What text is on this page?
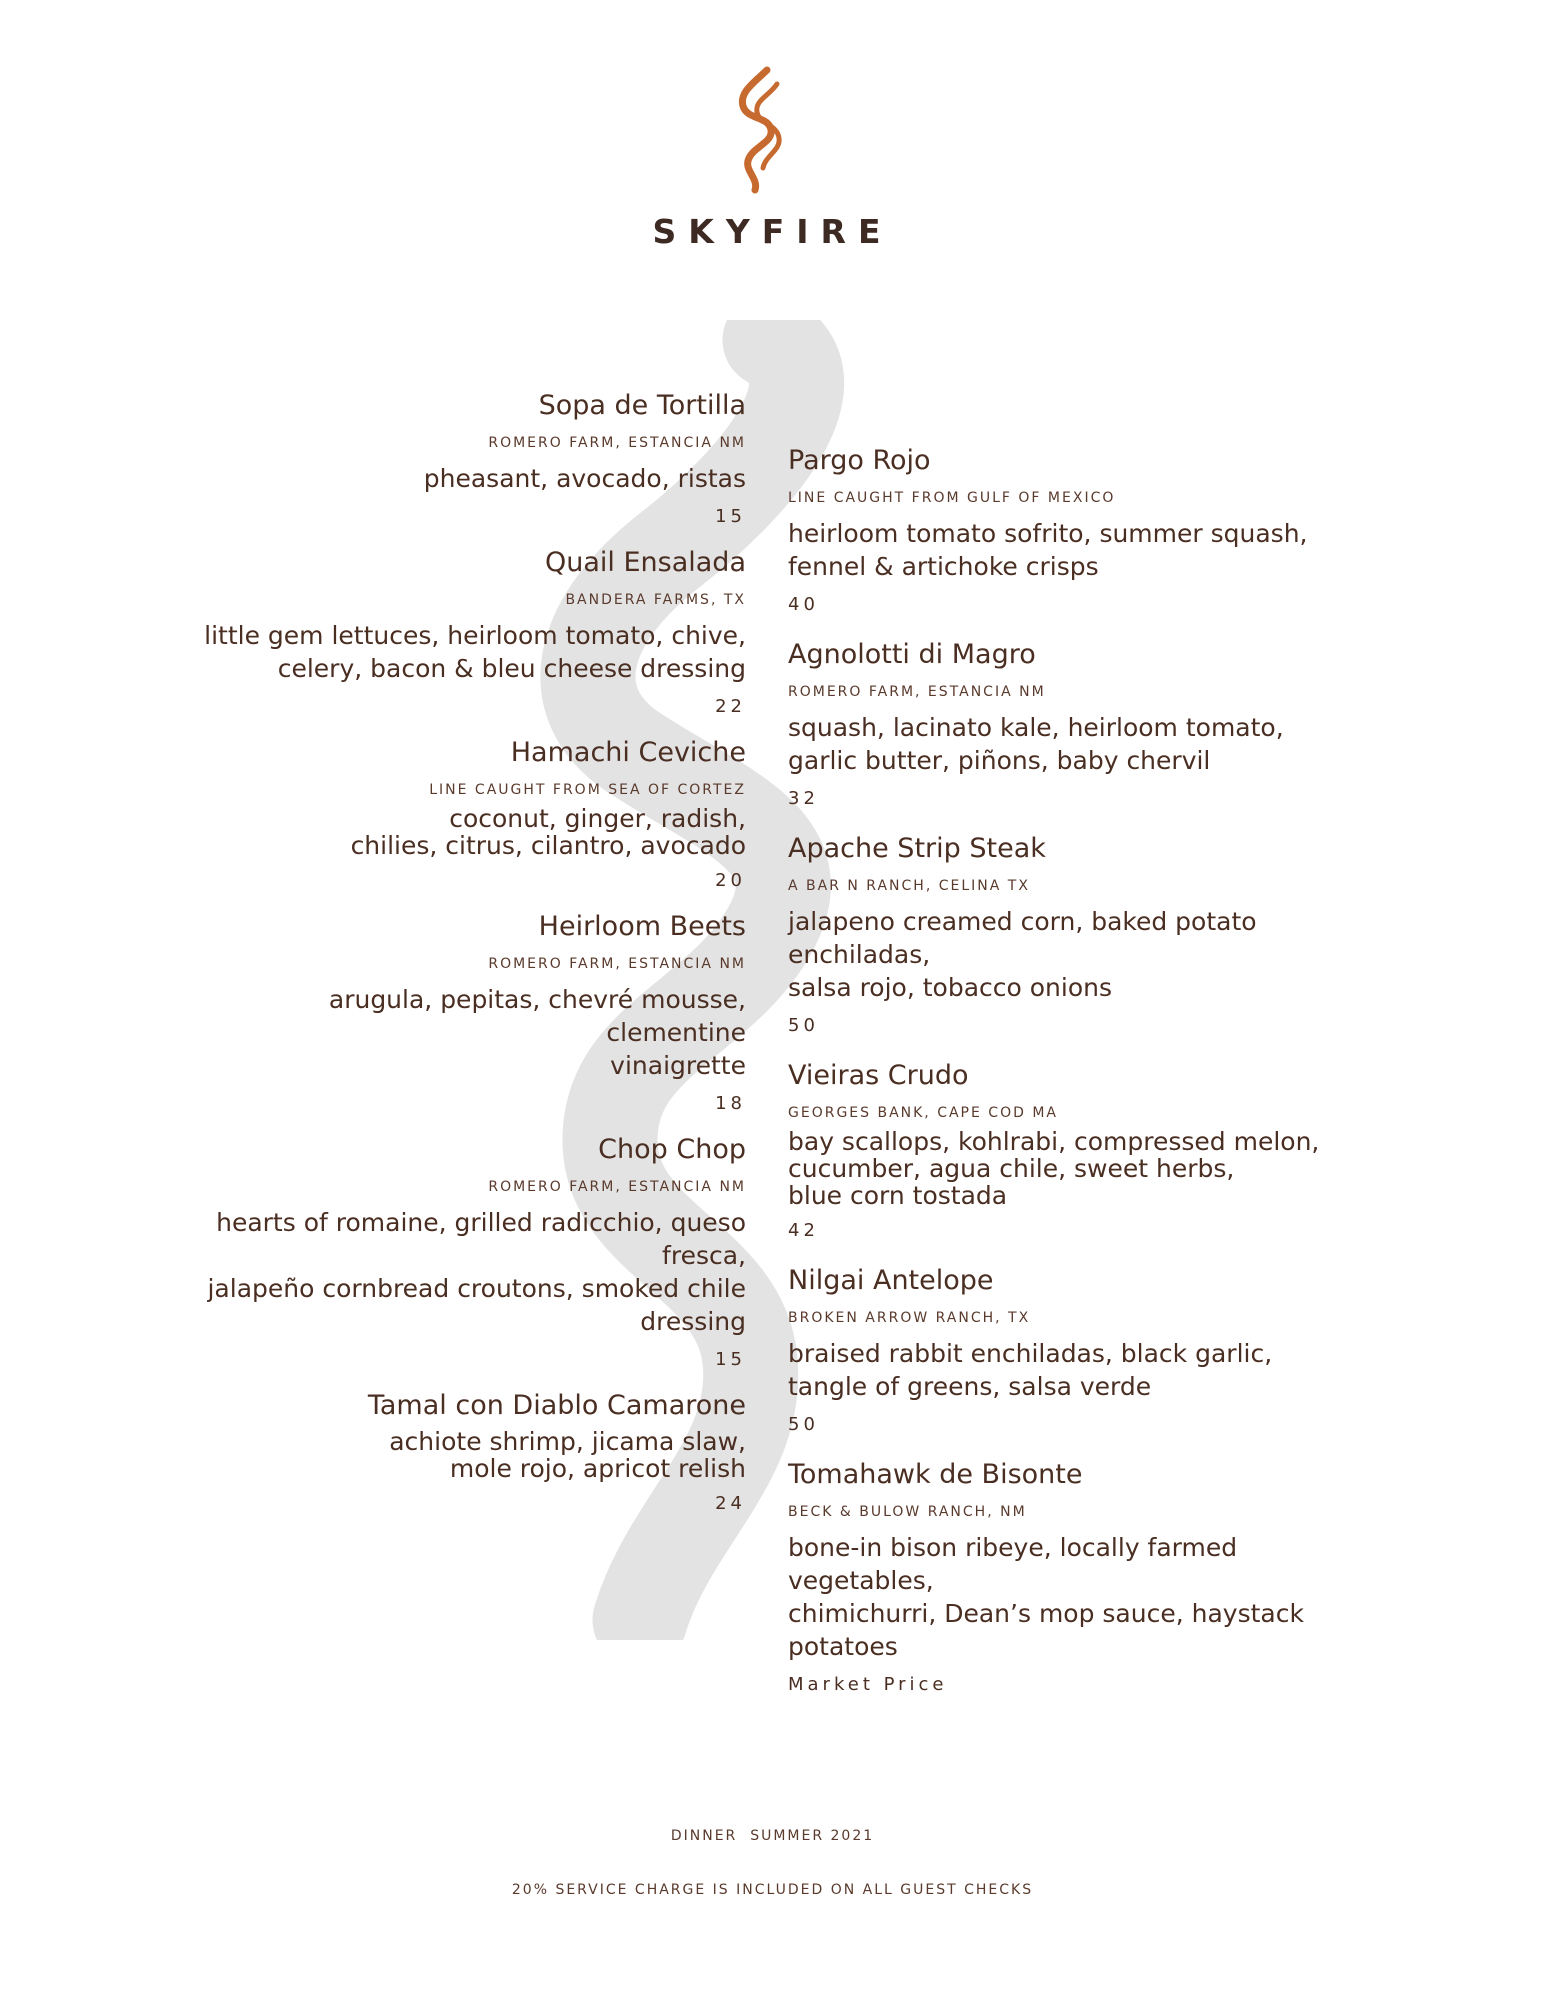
SKYFIRE
Sopa de Tortilla
ROMERO FARM, ESTANCIA NM
pheasant, avocado, ristas
15
Quail Ensalada
BANDERA FARMS, TX
little gem lettuces, heirloom tomato, chive,
celery, bacon & bleu cheese dressing
22
Hamachi Ceviche
LINE CAUGHT FROM SEA OF CORTEZ
coconut, ginger, radish,
chilies, citrus, cilantro, avocado
20
Heirloom Beets
ROMERO FARM, ESTANCIA NM
arugula, pepitas, chevré mousse, clementine
vinaigrette
18
Chop Chop
ROMERO FARM, ESTANCIA NM
hearts of romaine, grilled radicchio, queso
fresca,
jalapeño cornbread croutons, smoked chile
dressing
15
Tamal con Diablo Camarone
achiote shrimp, jicama slaw,
mole rojo, apricot relish
24
Pargo Rojo
LINE CAUGHT FROM GULF OF MEXICO
heirloom tomato sofrito, summer squash,
fennel & artichoke crisps
40
Agnolotti di Magro
ROMERO FARM, ESTANCIA NM
squash, lacinato kale, heirloom tomato,
garlic butter, piñons, baby chervil
32
Apache Strip Steak
A BAR N RANCH, CELINA TX
jalapeno creamed corn, baked potato
enchiladas,
salsa rojo, tobacco onions
50
Vieiras Crudo
GEORGES BANK, CAPE COD MA
bay scallops, kohlrabi, compressed melon,
cucumber, agua chile, sweet herbs,
blue corn tostada
42
Nilgai Antelope
BROKEN ARROW RANCH, TX
braised rabbit enchiladas, black garlic,
tangle of greens, salsa verde
50
Tomahawk de Bisonte
BECK & BULOW RANCH, NM
bone-in bison ribeye, locally farmed
vegetables,
chimichurri, Dean’s mop sauce, haystack
potatoes
Market Price
DINNER  SUMMER 2021
20% SERVICE CHARGE IS INCLUDED ON ALL GUEST CHECKS
